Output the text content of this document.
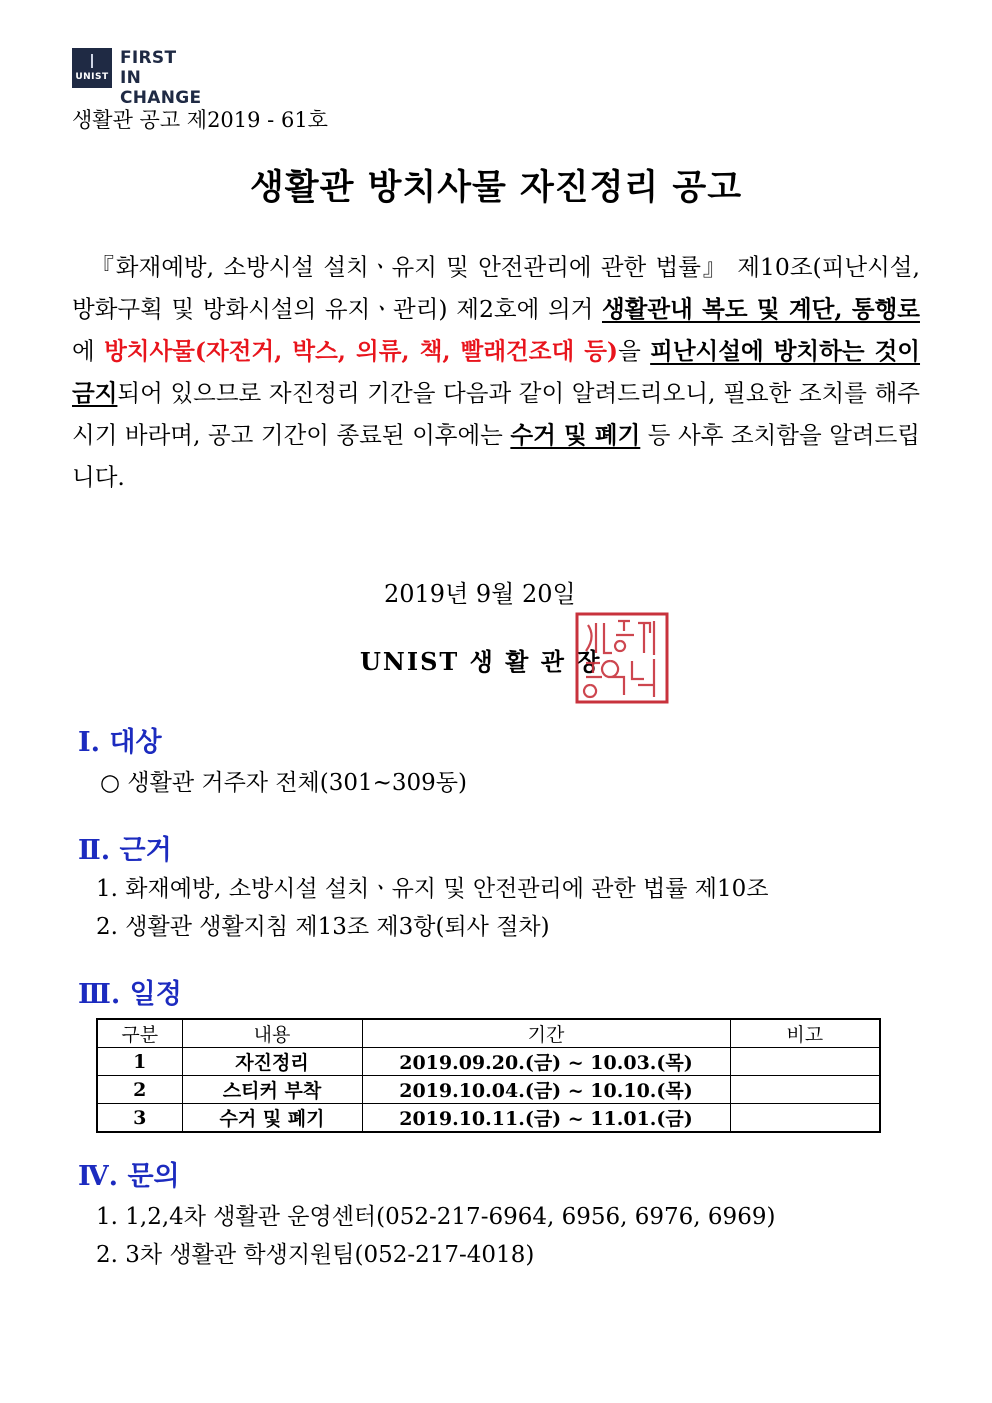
UNIST
FIRST IN
CHANGE
생활관 공고 제2019 - 61호
생활관 방치사물 자진정리 공고
『화재예방, 소방시설 설치ㆍ유지 및 안전관리에 관한 법률』 제10조(피난시설, 방화구획 및 방화시설의 유지ㆍ관리) 제2호에 의거 생활관내 복도 및 계단, 통행로에 방치사물(자전거, 박스, 의류, 책, 빨래건조대 등)을 피난시설에 방치하는 것이 금지되어 있으므로 자진정리 기간을 다음과 같이 알려드리오니, 필요한 조치를 해주시기 바라며, 공고 기간이 종료된 이후에는 수거 및 폐기 등 사후 조치함을 알려드립니다.
2019년 9월 20일
UNIST 생 활 관 장
Ⅰ. 대상
○ 생활관 거주자 전체(301~309동)
Ⅱ. 근거
1. 화재예방, 소방시설 설치ㆍ유지 및 안전관리에 관한 법률 제10조
2. 생활관 생활지침 제13조 제3항(퇴사 절차)
Ⅲ. 일정
구분	내용	기간	비고
1	자진정리	2019.09.20.(금) ~ 10.03.(목)	
2	스티커 부착	2019.10.04.(금) ~ 10.10.(목)	
3	수거 및 폐기	2019.10.11.(금) ~ 11.01.(금)	
Ⅳ. 문의
1. 1,2,4차 생활관 운영센터(052-217-6964, 6956, 6976, 6969)
2. 3차 생활관 학생지원팀(052-217-4018)
